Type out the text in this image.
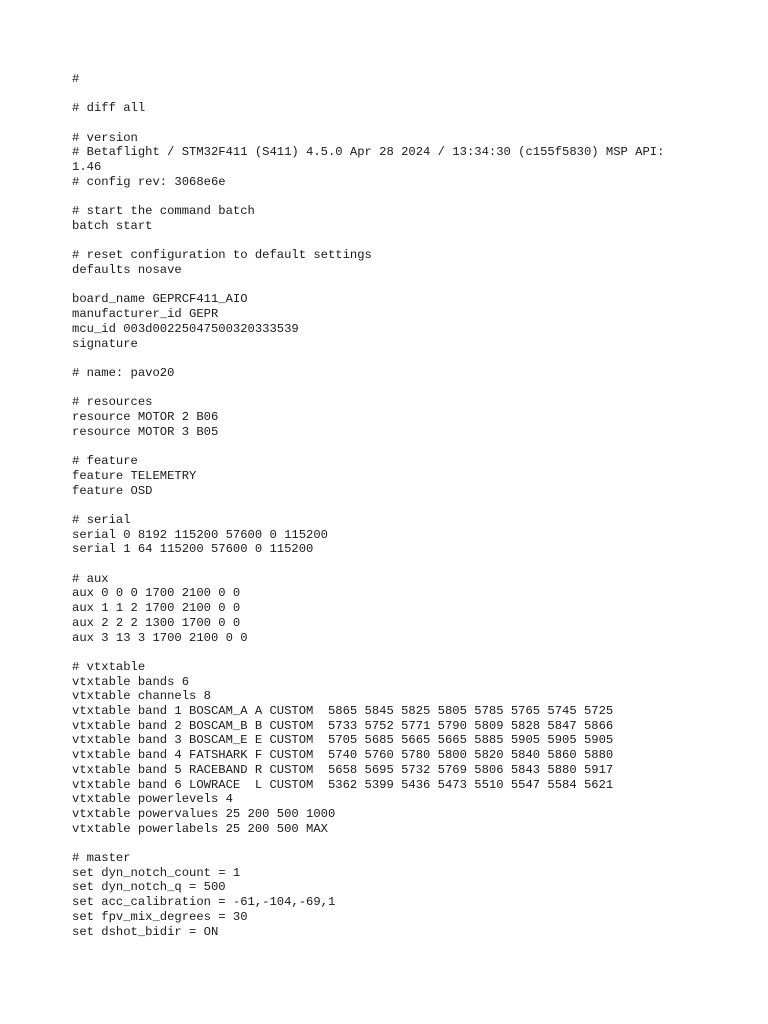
#
# diff all
# version
# Betaflight / STM32F411 (S411) 4.5.0 Apr 28 2024 / 13:34:30 (c155f5830) MSP API:
1.46
# config rev: 3068e6e
# start the command batch
batch start
# reset configuration to default settings
defaults nosave
board_name GEPRCF411_AIO
manufacturer_id GEPR
mcu_id 003d00225047500320333539
signature
# name: pavo20
# resources
resource MOTOR 2 B06
resource MOTOR 3 B05
# feature
feature TELEMETRY
feature OSD
# serial
serial 0 8192 115200 57600 0 115200
serial 1 64 115200 57600 0 115200
# aux
aux 0 0 0 1700 2100 0 0
aux 1 1 2 1700 2100 0 0
aux 2 2 2 1300 1700 0 0
aux 3 13 3 1700 2100 0 0
# vtxtable
vtxtable bands 6
vtxtable channels 8
vtxtable band 1 BOSCAM_A A CUSTOM  5865 5845 5825 5805 5785 5765 5745 5725
vtxtable band 2 BOSCAM_B B CUSTOM  5733 5752 5771 5790 5809 5828 5847 5866
vtxtable band 3 BOSCAM_E E CUSTOM  5705 5685 5665 5665 5885 5905 5905 5905
vtxtable band 4 FATSHARK F CUSTOM  5740 5760 5780 5800 5820 5840 5860 5880
vtxtable band 5 RACEBAND R CUSTOM  5658 5695 5732 5769 5806 5843 5880 5917
vtxtable band 6 LOWRACE  L CUSTOM  5362 5399 5436 5473 5510 5547 5584 5621
vtxtable powerlevels 4
vtxtable powervalues 25 200 500 1000
vtxtable powerlabels 25 200 500 MAX
# master
set dyn_notch_count = 1
set dyn_notch_q = 500
set acc_calibration = -61,-104,-69,1
set fpv_mix_degrees = 30
set dshot_bidir = ON
